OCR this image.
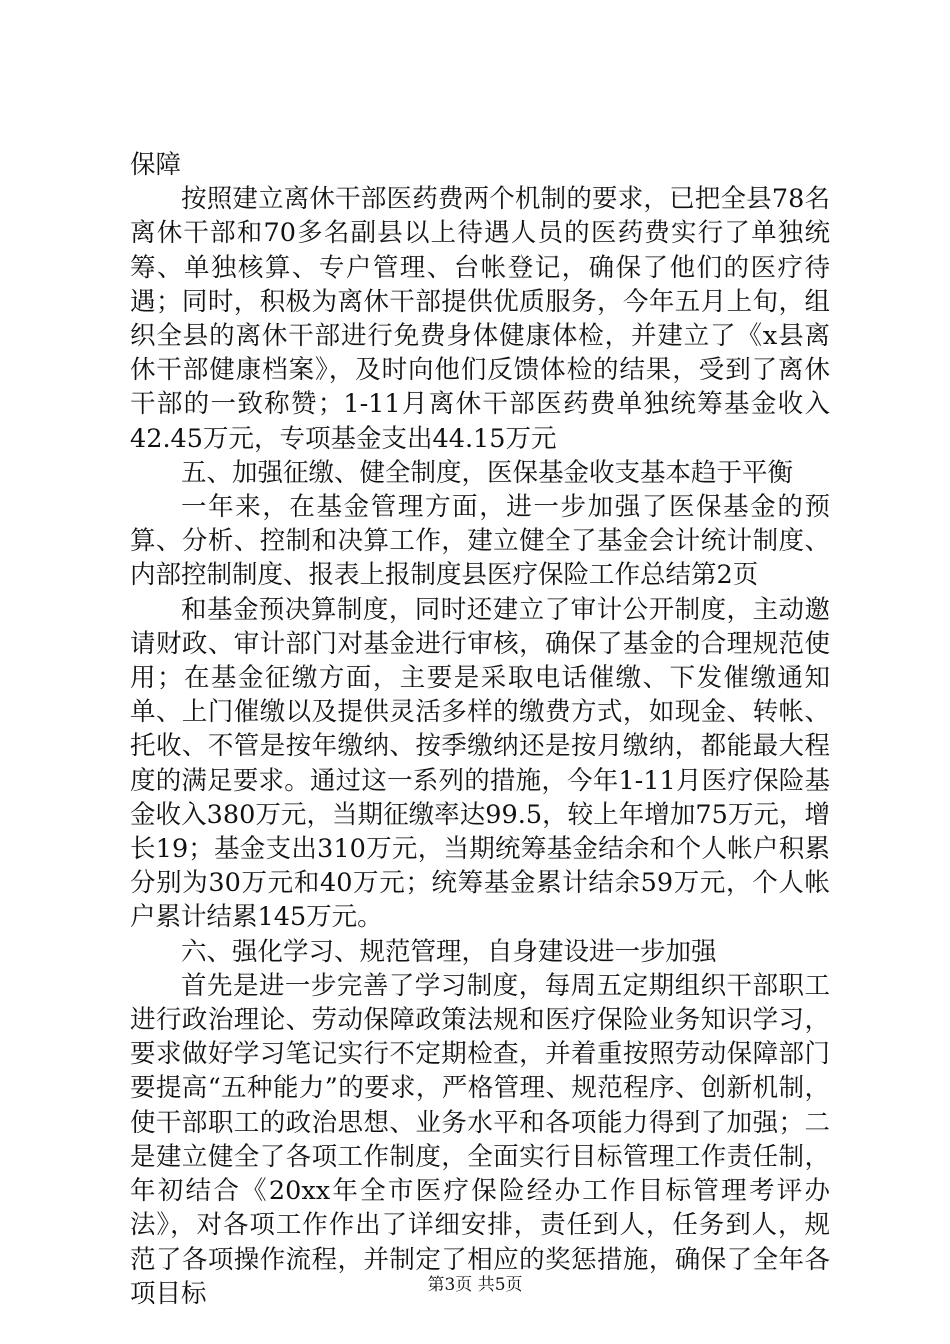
保障

按照建立离休干部医药费两个机制的要求，已把全县78名离休干部和70多名副县以上待遇人员的医药费实行了单独统筹、单独核算、专户管理、台帐登记，确保了他们的医疗待遇；同时，积极为离休干部提供优质服务，今年五月上旬，组织全县的离休干部进行免费身体健康体检，并建立了《x县离休干部健康档案》，及时向他们反馈体检的结果，受到了离休干部的一致称赞；1-11月离休干部医药费单独统筹基金收入42.45万元，专项基金支出44.15万元

五、加强征缴、健全制度，医保基金收支基本趋于平衡

一年来，在基金管理方面，进一步加强了医保基金的预算、分析、控制和决算工作，建立健全了基金会计统计制度、内部控制制度、报表上报制度县医疗保险工作总结第2页

和基金预决算制度，同时还建立了审计公开制度，主动邀请财政、审计部门对基金进行审核，确保了基金的合理规范使用；在基金征缴方面，主要是采取电话催缴、下发催缴通知单、上门催缴以及提供灵活多样的缴费方式，如现金、转帐、托收、不管是按年缴纳、按季缴纳还是按月缴纳，都能最大程度的满足要求。通过这一系列的措施，今年1-11月医疗保险基金收入380万元，当期征缴率达99.5，较上年增加75万元，增长19；基金支出310万元，当期统筹基金结余和个人帐户积累分别为30万元和40万元；统筹基金累计结余59万元，个人帐户累计结累145万元。

六、强化学习、规范管理，自身建设进一步加强

首先是进一步完善了学习制度，每周五定期组织干部职工进行政治理论、劳动保障政策法规和医疗保险业务知识学习，要求做好学习笔记实行不定期检查，并着重按照劳动保障部门要提高“五种能力”的要求，严格管理、规范程序、创新机制，使干部职工的政治思想、业务水平和各项能力得到了加强；二是建立健全了各项工作制度，全面实行目标管理工作责任制，年初结合《20xx年全市医疗保险经办工作目标管理考评办法》，对各项工作作出了详细安排，责任到人，任务到人，规范了各项操作流程，并制定了相应的奖惩措施，确保了全年各项目标	第3页 共5页
